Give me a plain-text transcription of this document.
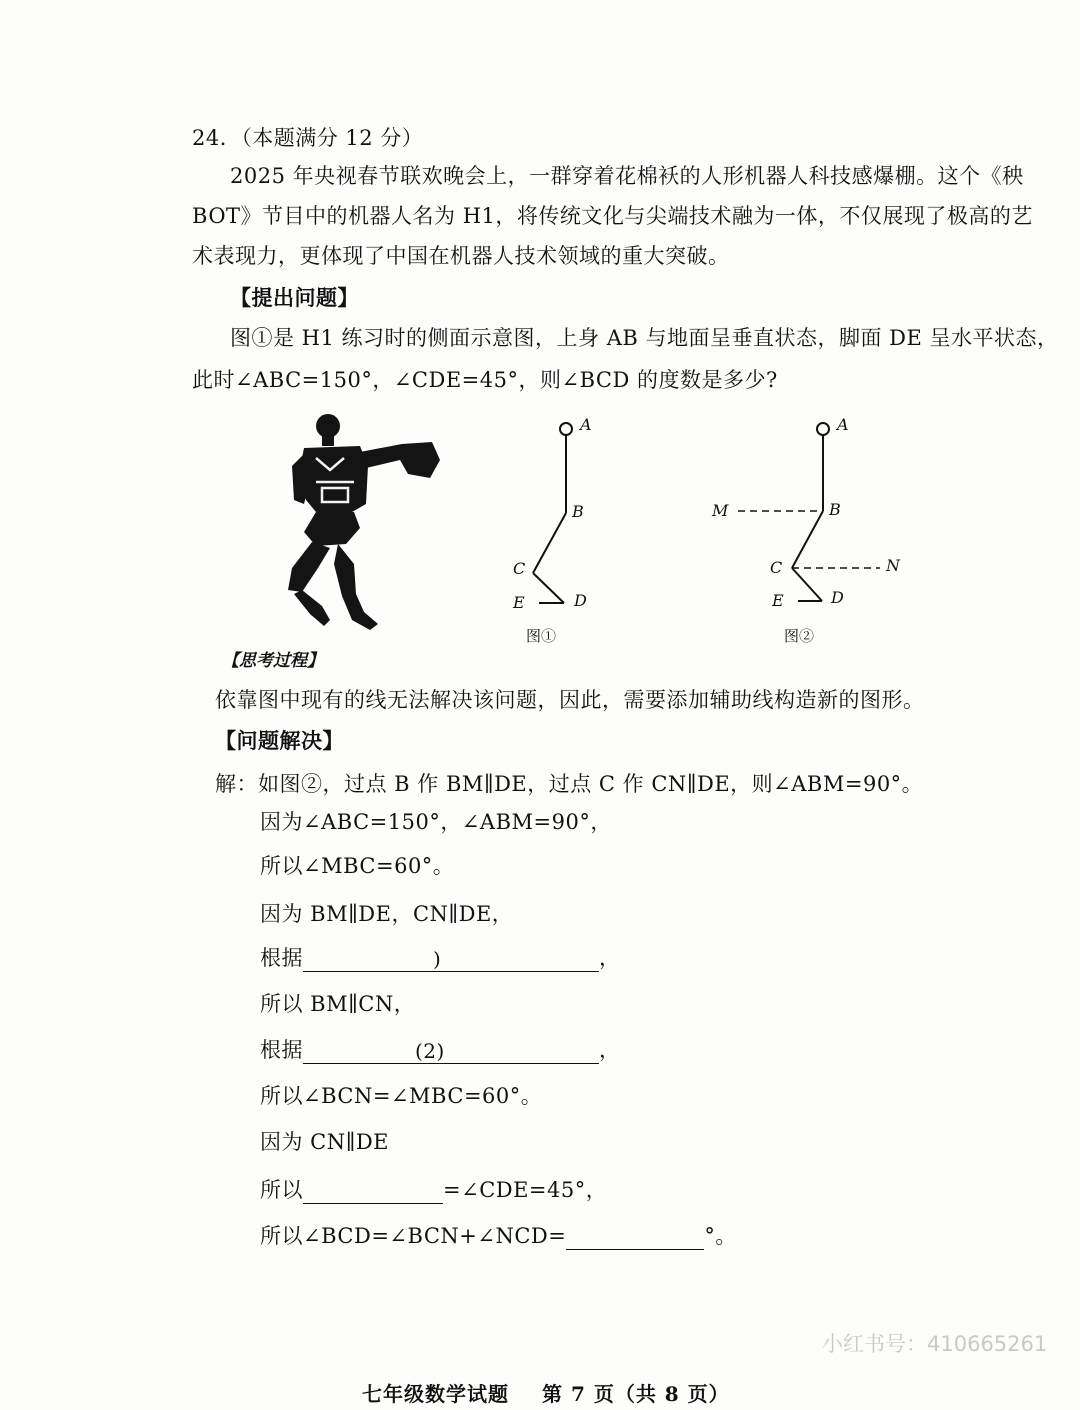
24．（本题满分 12 分）
2025 年央视春节联欢晚会上，一群穿着花棉袄的人形机器人科技感爆棚。这个《秧
BOT》节目中的机器人名为 H1，将传统文化与尖端技术融为一体，不仅展现了极高的艺
术表现力，更体现了中国在机器人技术领域的重大突破。
【提出问题】
图①是 H1 练习时的侧面示意图，上身 AB 与地面呈垂直状态，脚面 DE 呈水平状态，
此时∠ABC=150°，∠CDE=45°，则∠BCD 的度数是多少?
A
B
C
D
E
图①
A
B
C
D
E
M
N
图②
【思考过程】
依靠图中现有的线无法解决该问题，因此，需要添加辅助线构造新的图形。
【问题解决】
解：如图②，过点 B 作 BM∥DE，过点 C 作 CN∥DE，则∠ABM=90°。
因为∠ABC=150°，∠ABM=90°，
所以∠MBC=60°。
因为 BM∥DE，CN∥DE，
根据	)	，
所以 BM∥CN，
根据	(2)	，
所以∠BCN=∠MBC=60°。
因为 CN∥DE
所以	=∠CDE=45°，
所以∠BCD=∠BCN+∠NCD=	°。
小红书号：410665261
七年级数学试题 第 7 页（共 8 页）
